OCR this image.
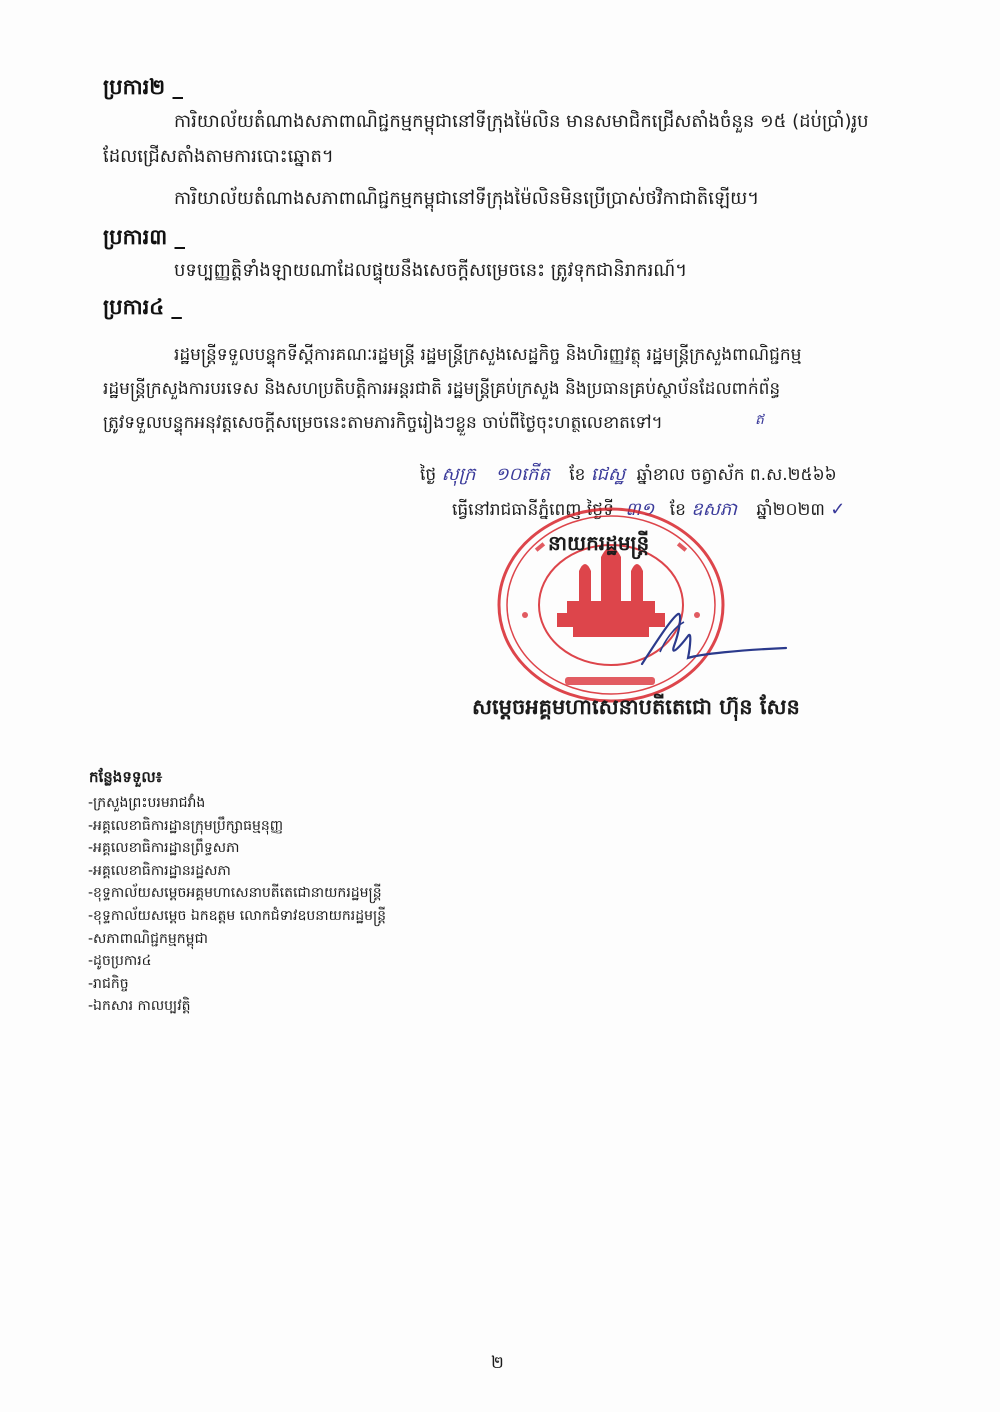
ប្រការ២ _
ការិយាល័យតំណាងសភាពាណិជ្ជកម្មកម្ពុជានៅទីក្រុងម៉ៃលិន មានសមាជិកជ្រើសតាំងចំនួន ១៥ (ដប់ប្រាំ)រូប
ដែលជ្រើសតាំងតាមការបោះឆ្នោត។
ការិយាល័យតំណាងសភាពាណិជ្ជកម្មកម្ពុជានៅទីក្រុងម៉ៃលិនមិនប្រើប្រាស់ថវិកាជាតិឡើយ។
ប្រការ៣ _
បទប្បញ្ញត្តិទាំងឡាយណាដែលផ្ទុយនឹងសេចក្តីសម្រេចនេះ ត្រូវទុកជានិរាករណ៍។
ប្រការ៤ _
រដ្ឋមន្ត្រីទទួលបន្ទុកទីស្តីការគណៈរដ្ឋមន្ត្រី រដ្ឋមន្ត្រីក្រសួងសេដ្ឋកិច្ច និងហិរញ្ញវត្ថុ រដ្ឋមន្ត្រីក្រសួងពាណិជ្ជកម្ម
រដ្ឋមន្ត្រីក្រសួងការបរទេស និងសហប្រតិបត្តិការអន្តរជាតិ រដ្ឋមន្ត្រីគ្រប់ក្រសួង និងប្រធានគ្រប់ស្ថាប័នដែលពាក់ព័ន្ធ
ត្រូវទទួលបន្ទុកអនុវត្តសេចក្តីសម្រេចនេះតាមភារកិច្ចរៀងៗខ្លួន ចាប់ពីថ្ងៃចុះហត្ថលេខាតទៅ។	ឥ
ថ្ងៃ សុក្រ ១០កើត ខែ ជេស្ឋ ឆ្នាំខាល ចត្វាស័ក ព.ស.២៥៦៦
ធ្វើនៅរាជធានីភ្នំពេញ ថ្ងៃទី ៣១ ខែ ឧសភា ឆ្នាំ២០២៣ ✓
នាយករដ្ឋមន្ត្រី
សម្តេចអគ្គមហាសេនាបតីតេជោ ហ៊ុន សែន
កន្លែងទទួល៖
-ក្រសួងព្រះបរមរាជវាំង
-អគ្គលេខាធិការដ្ឋានក្រុមប្រឹក្សាធម្មនុញ្ញ
-អគ្គលេខាធិការដ្ឋានព្រឹទ្ធសភា
-អគ្គលេខាធិការដ្ឋានរដ្ឋសភា
-ខុទ្ទកាល័យសម្តេចអគ្គមហាសេនាបតីតេជោនាយករដ្ឋមន្ត្រី
-ខុទ្ទកាល័យសម្តេច ឯកឧត្តម លោកជំទាវឧបនាយករដ្ឋមន្ត្រី
-សភាពាណិជ្ជកម្មកម្ពុជា
-ដូចប្រការ៤
-រាជកិច្ច
-ឯកសារ កាលប្បវត្តិ
២
